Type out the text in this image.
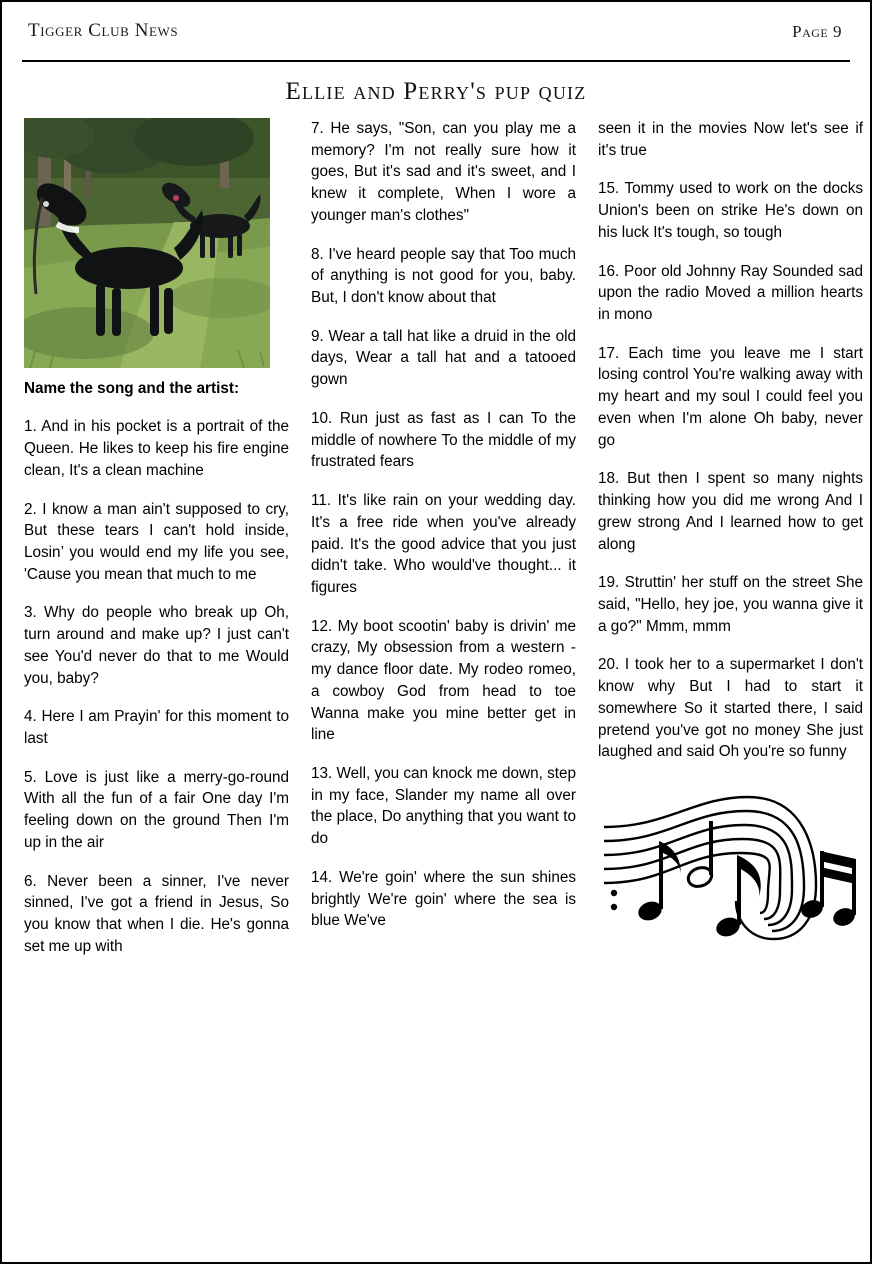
Tigger Club News	Page 9
Ellie and Perry's pup quiz
Name the song and the artist:

1. And in his pocket is a portrait of the Queen. He likes to keep his fire engine clean, It's a clean machine

2. I know a man ain't supposed to cry, But these tears I can't hold inside, Losin’ you would end my life you see, 'Cause you mean that much to me

3. Why do people who break up Oh, turn around and make up? I just can't see You'd never do that to me Would you, baby?

4. Here I am Prayin' for this moment to last

5. Love is just like a merry-go-round With all the fun of a fair One day I'm feeling down on the ground Then I'm up in the air

6. Never been a sinner, I've never sinned, I've got a friend in Jesus, So you know that when I die. He's gonna set me up with

7. He says, "Son, can you play me a memory? I'm not really sure how it goes, But it's sad and it's sweet, and I knew it complete, When I wore a younger man's clothes"

8. I've heard people say that Too much of anything is not good for you, baby. But, I don't know about that

9. Wear a tall hat like a druid in the old days, Wear a tall hat and a tatooed gown

10. Run just as fast as I can To the middle of nowhere To the middle of my frustrated fears

11. It's like rain on your wedding day. It's a free ride when you've already paid. It's the good advice that you just didn't take. Who would've thought... it figures

12. My boot scootin' baby is drivin' me crazy, My obsession from a western - my dance floor date. My rodeo romeo, a cowboy God from head to toe Wanna make you mine better get in line

13. Well, you can knock me down, step in my face, Slander my name all over the place, Do anything that you want to do

14. We're goin' where the sun shines brightly We're goin' where the sea is blue We've

seen it in the movies Now let's see if it's true

15. Tommy used to work on the docks Union's been on strike He's down on his luck It's tough, so tough

16. Poor old Johnny Ray Sounded sad upon the radio Moved a million hearts in mono

17. Each time you leave me I start losing control You're walking away with my heart and my soul I could feel you even when I'm alone Oh baby, never go

18. But then I spent so many nights thinking how you did me wrong And I grew strong And I learned how to get along

19. Struttin' her stuff on the street She said, "Hello, hey joe, you wanna give it a go?" Mmm, mmm

20. I took her to a supermarket I don't know why But I had to start it somewhere So it started there, I said pretend you've got no money She just laughed and said Oh you're so funny
